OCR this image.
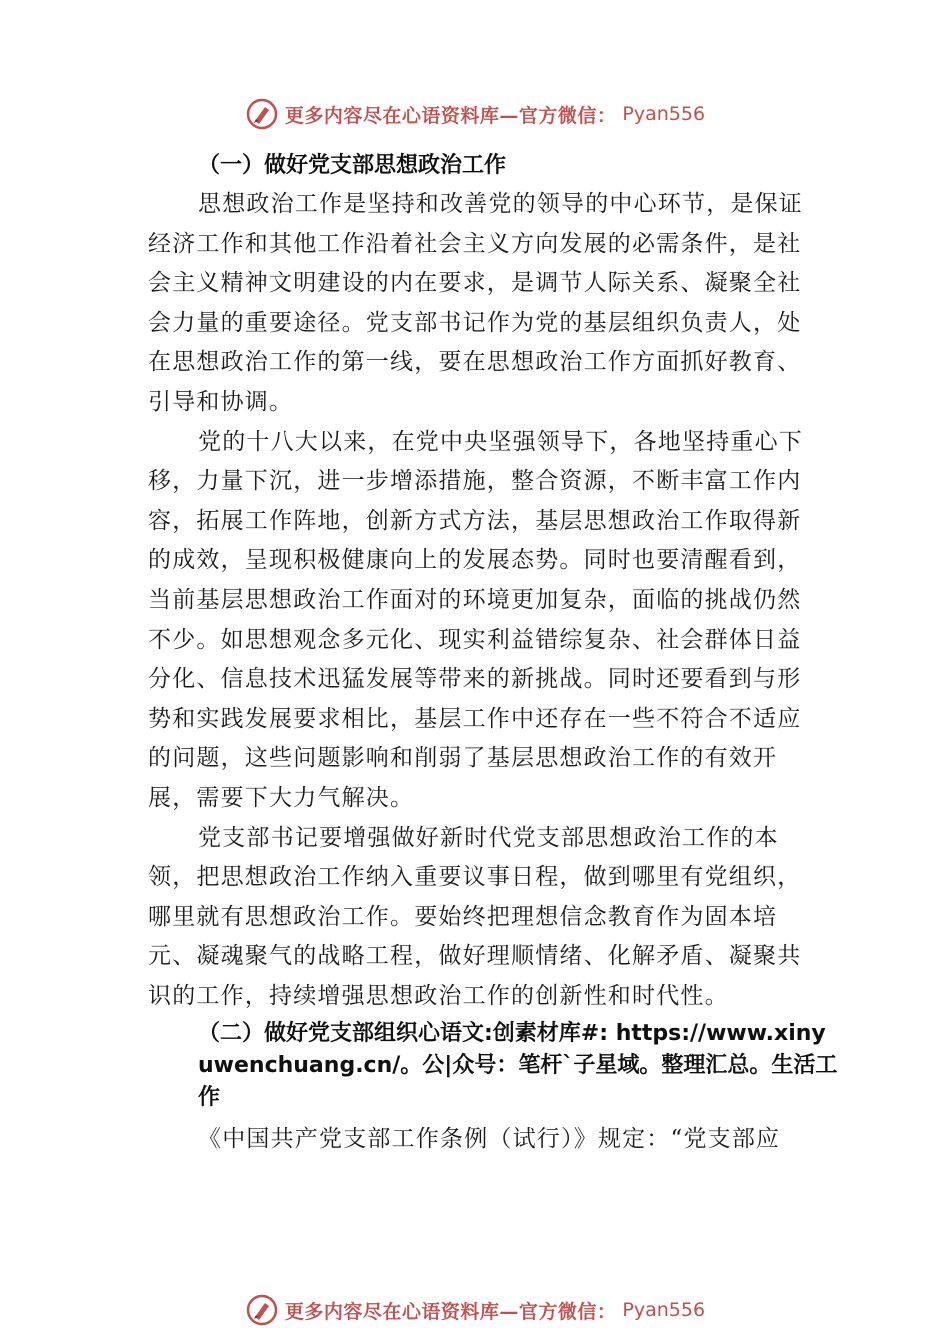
更多内容尽在心语资料库—官方微信： Pyan556

（一）做好党支部思想政治工作

思想政治工作是坚持和改善党的领导的中心环节，是保证经济工作和其他工作沿着社会主义方向发展的必需条件，是社会主义精神文明建设的内在要求，是调节人际关系、凝聚全社会力量的重要途径。党支部书记作为党的基层组织负责人，处在思想政治工作的第一线，要在思想政治工作方面抓好教育、引导和协调。

党的十八大以来，在党中央坚强领导下，各地坚持重心下移，力量下沉，进一步增添措施，整合资源，不断丰富工作内容，拓展工作阵地，创新方式方法，基层思想政治工作取得新的成效，呈现积极健康向上的发展态势。同时也要清醒看到，当前基层思想政治工作面对的环境更加复杂，面临的挑战仍然不少。如思想观念多元化、现实利益错综复杂、社会群体日益分化、信息技术迅猛发展等带来的新挑战。同时还要看到与形势和实践发展要求相比，基层工作中还存在一些不符合不适应的问题，这些问题影响和削弱了基层思想政治工作的有效开展，需要下大力气解决。

党支部书记要增强做好新时代党支部思想政治工作的本领，把思想政治工作纳入重要议事日程，做到哪里有党组织，哪里就有思想政治工作。要始终把理想信念教育作为固本培元、凝魂聚气的战略工程，做好理顺情绪、化解矛盾、凝聚共识的工作，持续增强思想政治工作的创新性和时代性。

（二）做好党支部组织心语文:创素材库#: https://www.xinyuwenchuang.cn/。公|众号：笔杆`子星域。整理汇总。生活工作

《中国共产党支部工作条例（试行）》规定：“党支部应

更多内容尽在心语资料库—官方微信： Pyan556
